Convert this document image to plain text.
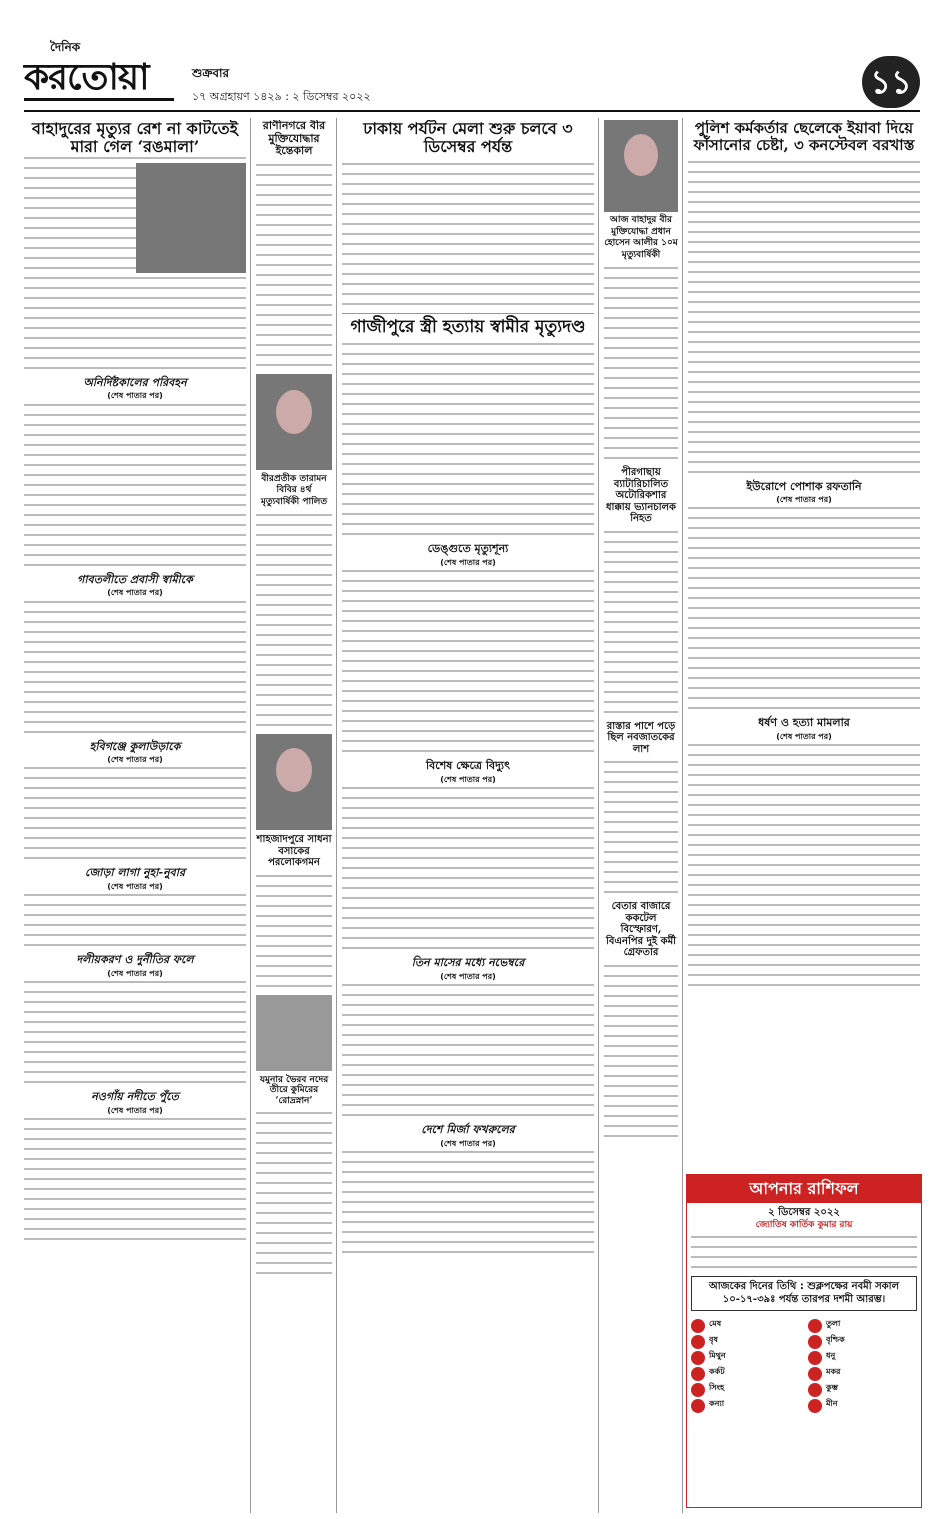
দৈনিক
করতোয়া	শুক্রবার
১৭ অগ্রহায়ণ ১৪২৯ : ২ ডিসেম্বর ২০২২	১১
বাহাদুরের মৃত্যুর রেশ না কাটতেই মারা গেল ‘রঙমালা’
অনির্দিষ্টকালের পরিবহন
(শেষ পাতার পর)
গাবতলীতে প্রবাসী স্বামীকে
(শেষ পাতার পর)
হবিগঞ্জে কুলাউড়াকে
(শেষ পাতার পর)
জোড়া লাগা নুহা-নুবার
(শেষ পাতার পর)
দলীয়করণ ও দুর্নীতির ফলে
(শেষ পাতার পর)
নওগাঁয় নদীতে পুঁতে
(শেষ পাতার পর)
রাণীনগরে বীর মুক্তিযোদ্ধার ইন্তেকাল
বীরপ্রতীক তারামন বিবির ৪র্থ মৃত্যুবার্ষিকী পালিত
শাহজাদপুরে সাধনা বসাকের পরলোকগমন
যমুনার ভৈরব নদের তীরে কুমিরের ‘রোদ্রস্নান’
ঢাকায় পর্যটন মেলা শুরু চলবে ৩ ডিসেম্বর পর্যন্ত
গাজীপুরে স্ত্রী হত্যায় স্বামীর মৃত্যুদণ্ড
ডেঙ্গুতে মৃত্যুশূন্য
(শেষ পাতার পর)
বিশেষ ক্ষেত্রে বিদ্যুৎ
(শেষ পাতার পর)
তিন মাসের মধ্যে নভেম্বরে
(শেষ পাতার পর)
দেশে মির্জা ফখরুলের
(শেষ পাতার পর)
আজ বাহাদুর বীর মুক্তিযোদ্ধা প্রধান হোসেন আলীর ১০ম মৃত্যুবার্ষিকী
পীরগাছায় ব্যাটারিচালিত অটোরিকশার ধাক্কায় ভ্যানচালক নিহত
রাস্তার পাশে পড়ে ছিল নবজাতকের লাশ
বেতার বাজারে ককটেল বিস্ফোরণ, বিএনপির দুই কর্মী গ্রেফতার
পুলিশ কর্মকর্তার ছেলেকে ইয়াবা দিয়ে ফাঁসানোর চেষ্টা, ৩ কনস্টেবল বরখাস্ত
ইউরোপে পোশাক রফতানি
(শেষ পাতার পর)
ধর্ষণ ও হত্যা মামলার
(শেষ পাতার পর)
আপনার রাশিফল
২ ডিসেম্বর ২০২২
জ্যোতিষ কার্তিক কুমার রায়
আজকের দিনের তিথি : শুক্লপক্ষের নবমী সকাল ১০-১৭-৩৯ঃ পর্যন্ত তারপর দশমী আরম্ভ।
মেষ
বৃষ
মিথুন
কর্কট
সিংহ
কন্যা
তুলা
বৃশ্চিক
ধনু
মকর
কুম্ভ
মীন
